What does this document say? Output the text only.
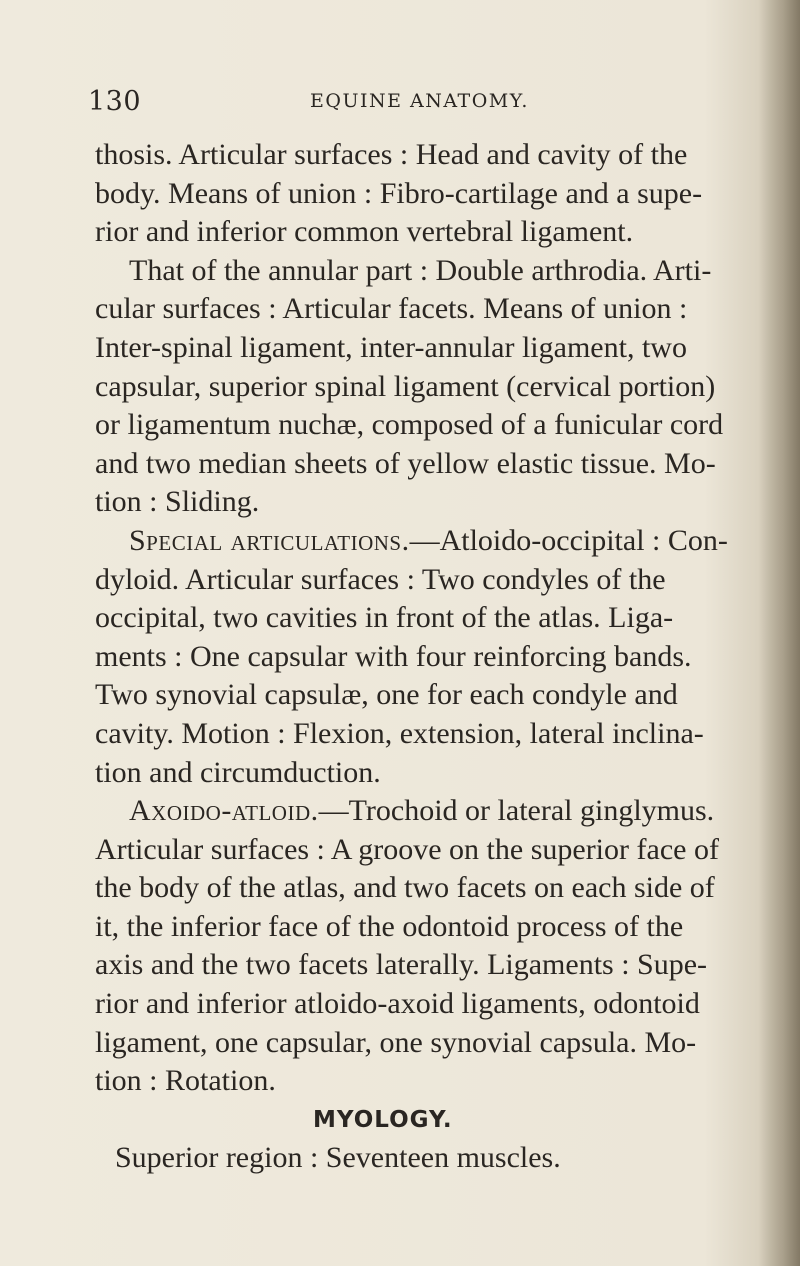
130	EQUINE ANATOMY.
thosis. Articular surfaces : Head and cavity of the
body. Means of union : Fibro-cartilage and a supe-
rior and inferior common vertebral ligament.
That of the annular part : Double arthrodia. Arti-
cular surfaces : Articular facets. Means of union :
Inter-spinal ligament, inter-annular ligament, two
capsular, superior spinal ligament (cervical portion)
or ligamentum nuchæ, composed of a funicular cord
and two median sheets of yellow elastic tissue. Mo-
tion : Sliding.
Special articulations.—Atloido-occipital : Con-
dyloid. Articular surfaces : Two condyles of the
occipital, two cavities in front of the atlas. Liga-
ments : One capsular with four reinforcing bands.
Two synovial capsulæ, one for each condyle and
cavity. Motion : Flexion, extension, lateral inclina-
tion and circumduction.
Axoido-atloid.—Trochoid or lateral ginglymus.
Articular surfaces : A groove on the superior face of
the body of the atlas, and two facets on each side of
it, the inferior face of the odontoid process of the
axis and the two facets laterally. Ligaments : Supe-
rior and inferior atloido-axoid ligaments, odontoid
ligament, one capsular, one synovial capsula. Mo-
tion : Rotation.
MYOLOGY.
Superior region : Seventeen muscles.
